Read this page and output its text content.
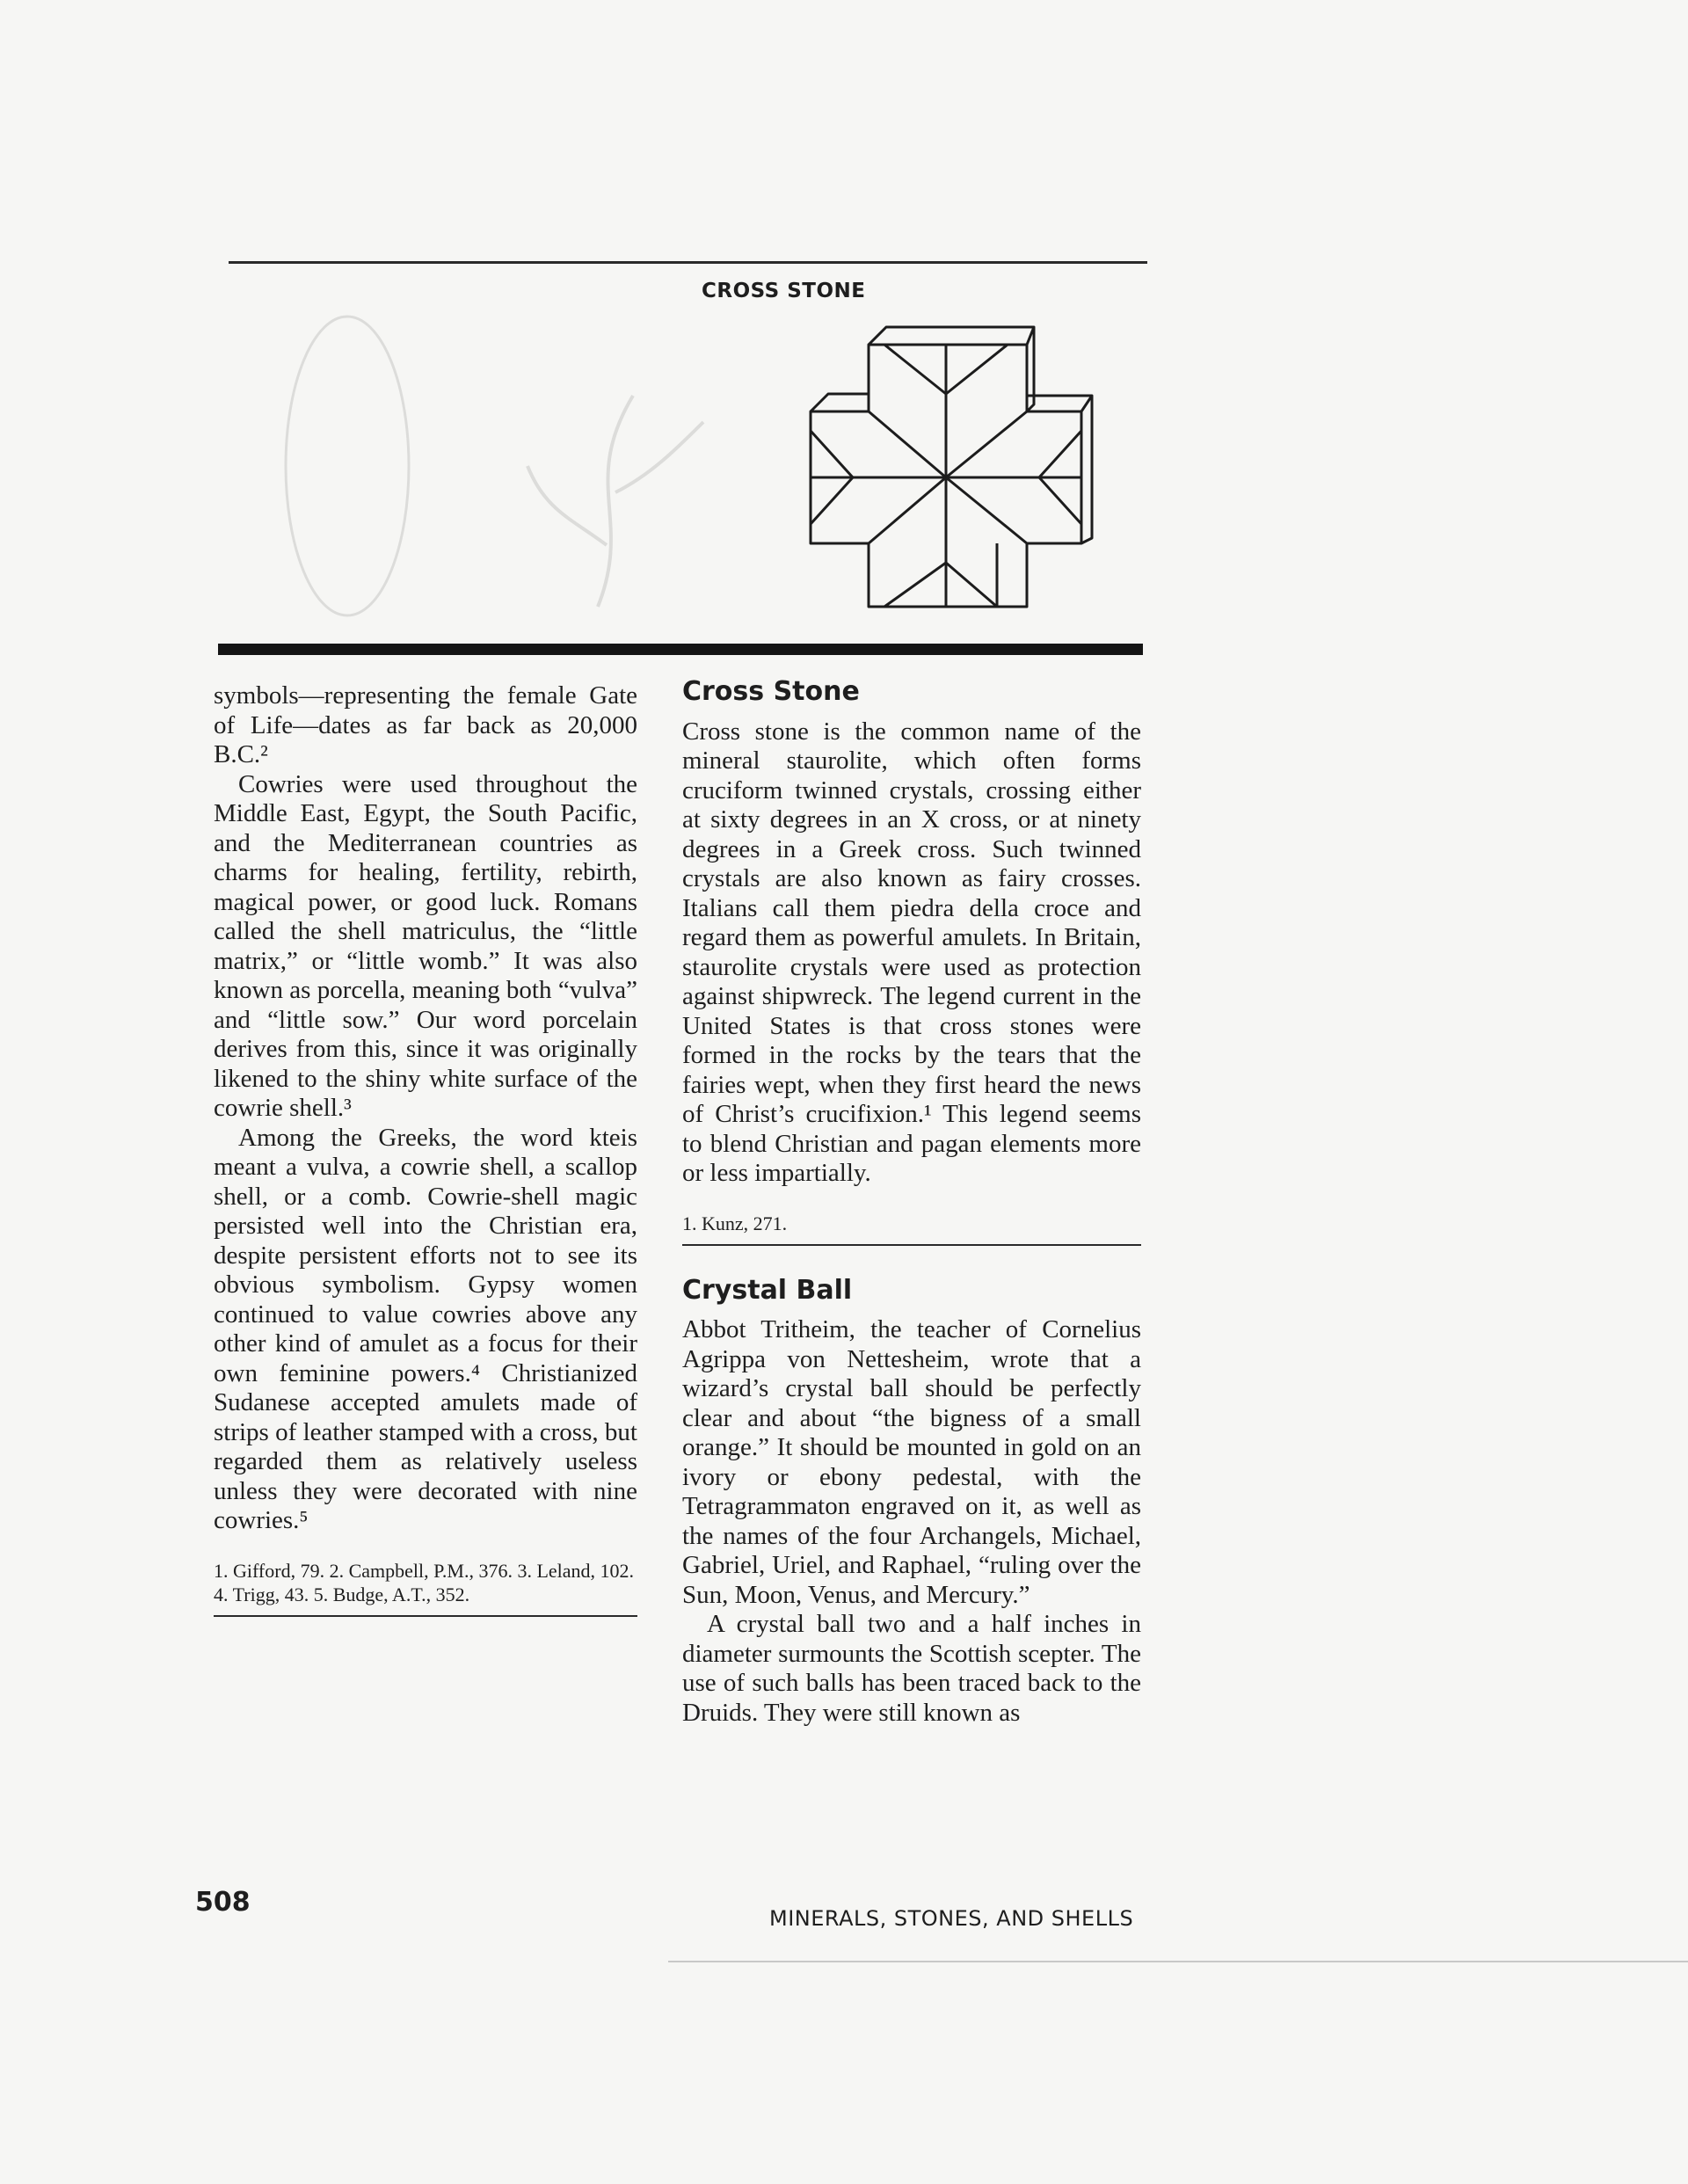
CROSS STONE

symbols—representing the female Gate of Life—dates as far back as 20,000 B.C.²

Cowries were used throughout the Middle East, Egypt, the South Pacific, and the Mediterranean countries as charms for healing, fertility, rebirth, magical power, or good luck. Romans called the shell matriculus, the “little matrix,” or “little womb.” It was also known as porcella, meaning both “vulva” and “little sow.” Our word porcelain derives from this, since it was originally likened to the shiny white surface of the cowrie shell.³

Among the Greeks, the word kteis meant a vulva, a cowrie shell, a scallop shell, or a comb. Cowrie-shell magic persisted well into the Christian era, despite persistent efforts not to see its obvious symbolism. Gypsy women continued to value cowries above any other kind of amulet as a focus for their own feminine powers.⁴ Christianized Sudanese accepted amulets made of strips of leather stamped with a cross, but regarded them as relatively useless unless they were decorated with nine cowries.⁵

1. Gifford, 79. 2. Campbell, P.M., 376. 3. Leland, 102. 4. Trigg, 43. 5. Budge, A.T., 352.
Cross Stone

Cross stone is the common name of the mineral staurolite, which often forms cruciform twinned crystals, crossing either at sixty degrees in an X cross, or at ninety degrees in a Greek cross. Such twinned crystals are also known as fairy crosses. Italians call them piedra della croce and regard them as powerful amulets. In Britain, staurolite crystals were used as protection against shipwreck. The legend current in the United States is that cross stones were formed in the rocks by the tears that the fairies wept, when they first heard the news of Christ’s crucifixion.¹ This legend seems to blend Christian and pagan elements more or less impartially.

1. Kunz, 271.
Crystal Ball

Abbot Tritheim, the teacher of Cornelius Agrippa von Nettesheim, wrote that a wizard’s crystal ball should be perfectly clear and about “the bigness of a small orange.” It should be mounted in gold on an ivory or ebony pedestal, with the Tetragrammaton engraved on it, as well as the names of the four Archangels, Michael, Gabriel, Uriel, and Raphael, “ruling over the Sun, Moon, Venus, and Mercury.”

A crystal ball two and a half inches in diameter surmounts the Scottish scepter. The use of such balls has been traced back to the Druids. They were still known as

508
MINERALS, STONES, AND SHELLS
